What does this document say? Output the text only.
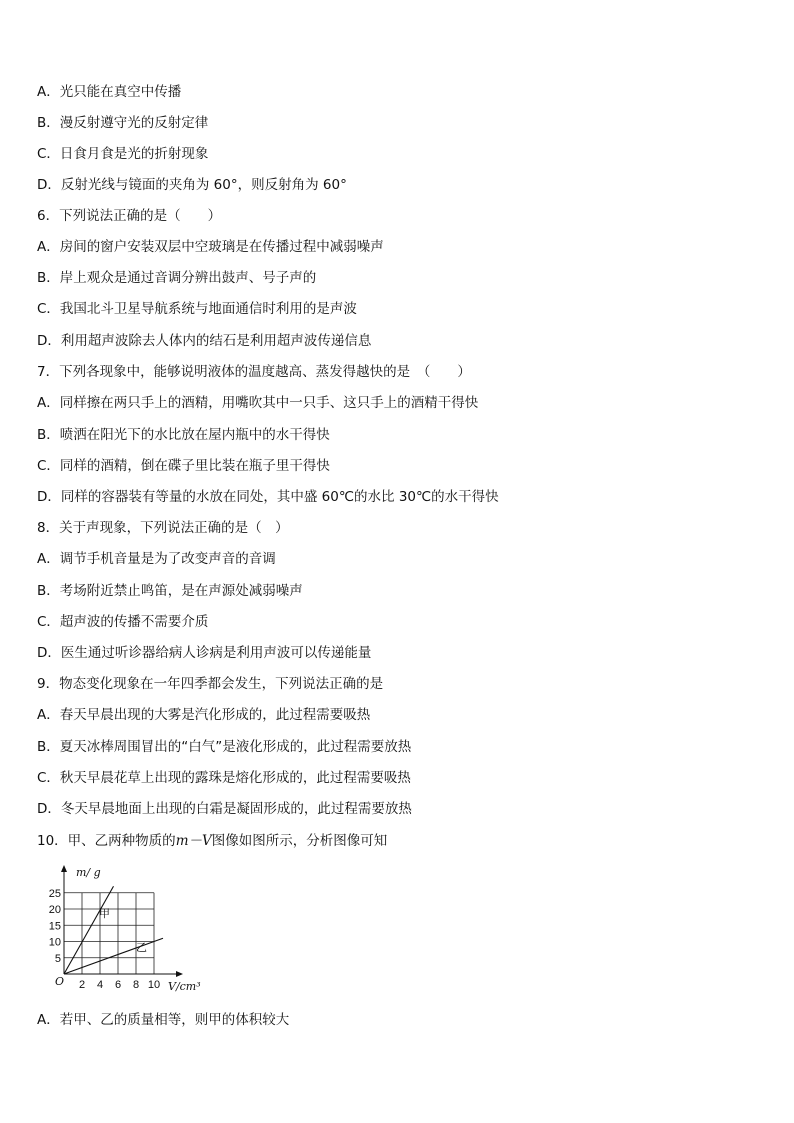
A．光只能在真空中传播
B．漫反射遵守光的反射定律
C．日食月食是光的折射现象
D．反射光线与镜面的夹角为 60°，则反射角为 60°
6．下列说法正确的是（　　）
A．房间的窗户安装双层中空玻璃是在传播过程中减弱噪声
B．岸上观众是通过音调分辨出鼓声、号子声的
C．我国北斗卫星导航系统与地面通信时利用的是声波
D．利用超声波除去人体内的结石是利用超声波传递信息
7．下列各现象中，能够说明液体的温度越高、蒸发得越快的是　（　　）
A．同样擦在两只手上的酒精，用嘴吹其中一只手、这只手上的酒精干得快
B．喷洒在阳光下的水比放在屋内瓶中的水干得快
C．同样的酒精，倒在碟子里比装在瓶子里干得快
D．同样的容器装有等量的水放在同处，其中盛 60℃的水比 30℃的水干得快
8．关于声现象，下列说法正确的是（　）
A．调节手机音量是为了改变声音的音调
B．考场附近禁止鸣笛，是在声源处减弱噪声
C．超声波的传播不需要介质
D．医生通过听诊器给病人诊病是利用声波可以传递能量
9．物态变化现象在一年四季都会发生，下列说法正确的是
A．春天早晨出现的大雾是汽化形成的，此过程需要吸热
B．夏天冰棒周围冒出的“白气”是液化形成的，此过程需要放热
C．秋天早晨花草上出现的露珠是熔化形成的，此过程需要吸热
D．冬天早晨地面上出现的白霜是凝固形成的，此过程需要放热
10．甲、乙两种物质的m－V图像如图所示，分析图像可知
5
10
15
20
25
2 4 6 8 10
m/ g
V/cm³
O
甲
乙
A．若甲、乙的质量相等，则甲的体积较大
